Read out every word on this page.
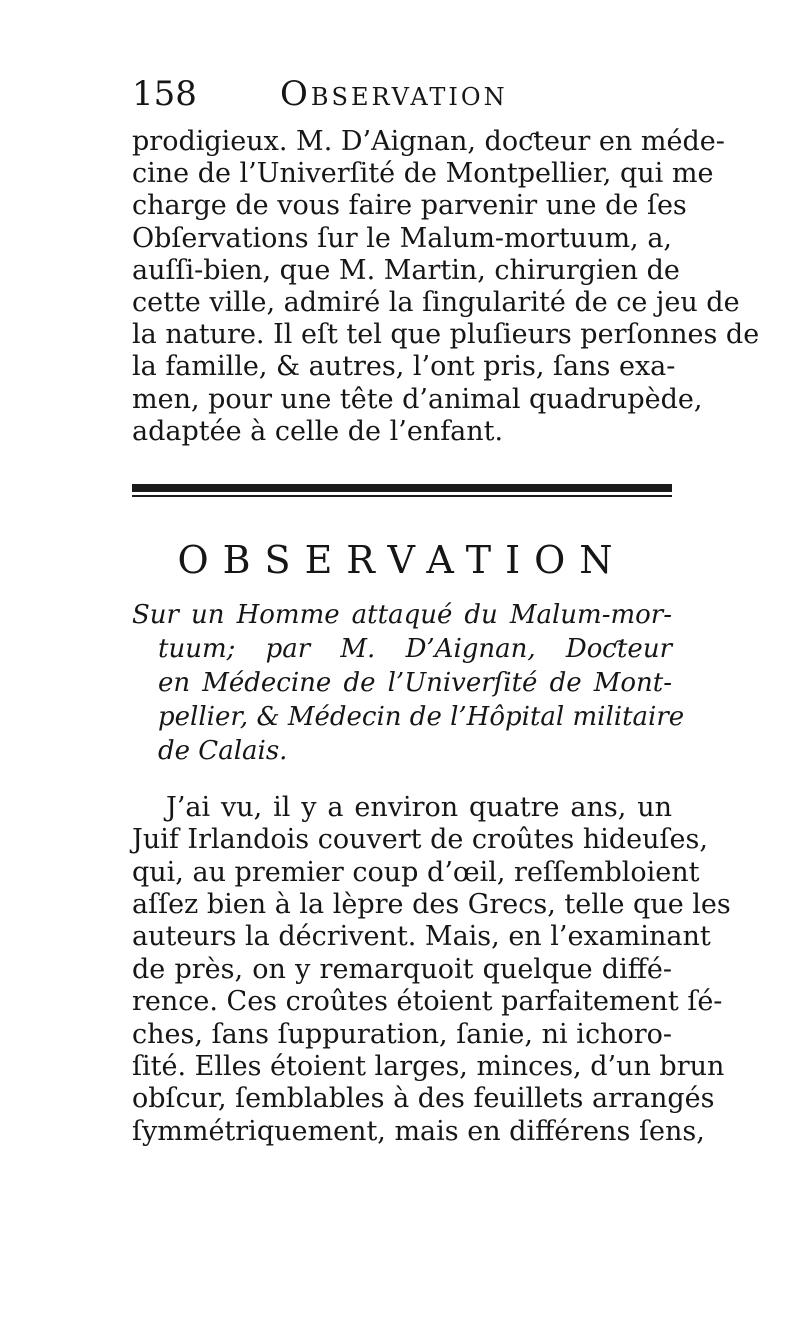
158 Observation
prodigieux. M. D’Aignan, doƈteur en méde-
cine de l’Univerſité de Montpellier, qui me
charge de vous faire parvenir une de ſes
Obſervations ſur le Malum-mortuum, a,
auſſi-bien, que M. Martin, chirurgien de
cette ville, admiré la ſingularité de ce jeu de
la nature. Il eſt tel que pluſieurs perſonnes de
la famille, & autres, l’ont pris, ſans exa-
men, pour une tête d’animal quadrupède,
adaptée à celle de l’enfant.
OBSERVATION
Sur un Homme attaqué du Malum-mor-
tuum; par M. D’Aignan, Doƈteur
en Médecine de l’Univerſité de Mont-
pellier, & Médecin de l’Hôpital militaire
de Calais.
J’ai vu, il y a environ quatre ans, un
Juif Irlandois couvert de croûtes hideuſes,
qui, au premier coup d’œil, reſſembloient
aſſez bien à la lèpre des Grecs, telle que les
auteurs la décrivent. Mais, en l’examinant
de près, on y remarquoit quelque diffé-
rence. Ces croûtes étoient parfaitement ſé-
ches, ſans ſuppuration, ſanie, ni ichoro-
ſité. Elles étoient larges, minces, d’un brun
obſcur, ſemblables à des feuillets arrangés
ſymmétriquement, mais en différens ſens,
